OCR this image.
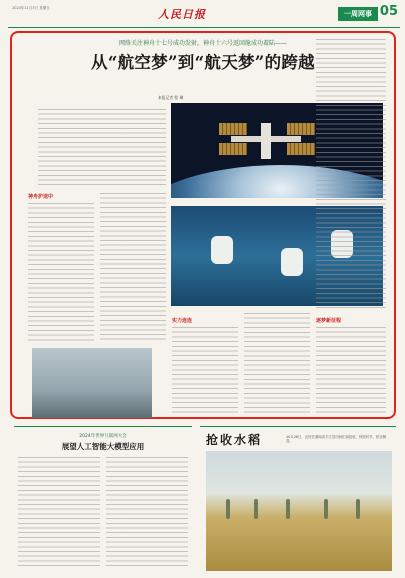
2024年11月3日 星期日	人民日报	一周网事 05
网络关注神舟十七号成功发射，神舟十六号返回舱成功着陆——
从“航空梦”到“航天梦”的跨越
本报记者 程 琳
神舟护送中
实力连连	逐梦新征程
2024年世界互联网大会
展望人工智能大模型应用	抢收水稻	10月28日，农民在湖南省平江县田间忙碌抢收，秋收时节，稻谷飘香。
